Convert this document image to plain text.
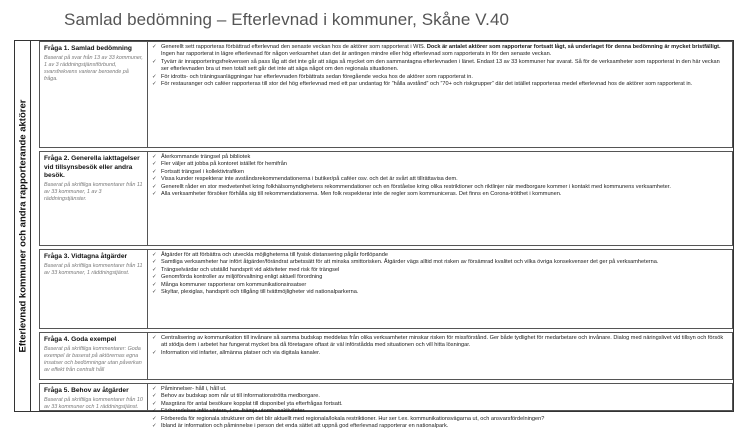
Samlad bedömning – Efterlevnad i kommuner, Skåne V.40
Efterlevnad kommuner och andra rapporterande aktörer
Fråga 1. Samlad bedömning
Baserat på svar från 13 av 33 kommuner, 1 av 3 räddningstjänstförbund, svarsfrekvens varierar beroende på fråga.
✓ Generellt sett rapporteras förbättrad efterlevnad den senaste veckan hos de aktörer som rapporterat i WIS. Dock är antalet aktörer som rapporterar fortsatt lågt, så underlaget för denna bedömning är mycket bristfälligt. Ingen har rapporterat in lägre efterlevnad för någon verksamhet utan det är antingen mindre eller hög efterlevnad som rapporterats in för den senaste veckan.
✓ Tyvärr är inrapporteringsfrekvensen så pass låg att det inte går att säga så mycket om den sammantagna efterlevnaden i länet. Endast 13 av 33 kommuner har svarat. Så för de verksamheter som rapporterat in den här veckan ser efterlevnaden bra ut men totalt sett går det inte att säga något om den regionala situationen.
✓ För idrotts- och träningsanläggningar har efterlevnaden förbättrats sedan föregående vecka hos de aktörer som rapporterat in.
✓ För restauranger och caféer rapporteras till stor del hög efterlevnad med ett par undantag för ”hålla avstånd” och ”70+ och riskgrupper” där det istället rapporteras medel efterlevnad hos de aktörer som rapporterat in.
Fråga 2. Generella iakttagelser vid tillsynsbesök eller andra besök.
Baserat på skriftliga kommentarer från 11 av 33 kommuner, 1 av 3 räddningstjänster.
✓ Återkommande trängsel på bibliotek
✓ Fler väljer att jobba på kontoret istället för hemifrån
✓ Fortsatt trängsel i kollektivtrafiken
✓ Vissa kunder respekterar inte avståndsrekommendationerna i butiker/på caféer osv. och det är svårt att tillrättavisa dem.
✓ Generellt råder en stor medvetenhet kring folkhälsomyndighetens rekommendationer och en förståelse kring olika restriktioner och riktlinjer när medborgare kommer i kontakt med kommunens verksamheter.
✓ Alla verksamheter försöker förhålla sig till rekommendationerna. Men folk respekterar inte de regler som kommuniceras. Det finns en Corona-trötthet i kommunen.
Fråga 3. Vidtagna åtgärder
Baserat på skriftliga kommentarer från 11 av 33 kommuner, 1 räddningstjänst.
✓ Åtgärder för att förbättra och utveckla möjligheterna till fysisk distansering pågår fortlöpande
✓ Samtliga verksamheter har infört åtgärder/förändrat arbetssätt för att minska smittorisken. Åtgärder vägs alltid mot risken av försämrad kvalitet och vilka övriga konsekvenser det ger på verksamheterna.
✓ Trängselvärdar och utställd handsprit vid aktiviteter med risk för trängsel
✓ Genomförda kontroller av miljöförvaltning enligt aktuell förordning
✓ Många kommuner rapporterar om kommunikationsinsatser
✓ Skyltar, plexiglas, handsprit och tillgång till tvättmöjligheter vid nationalparkerna.
Fråga 4. Goda exempel
Baserat på skriftliga kommentarer: Goda exempel är baserat på aktörernas egna insatser och bedömningar utan påverkan av effekt från centralt håll
✓ Centralisering av kommunikation till invånare så samma budskap meddelas från olika verksamheter minskar risken för missförstånd. Ger både tydlighet för medarbetare och invånare. Dialog med näringslivet vid tillsyn och försök att stödja dem i arbetet har fungerat mycket bra då företagare oftast är väl införstådda med situationen och vill hitta lösningar.
✓ Information vid infarter, allmänna platser och via digitala kanaler.
Fråga 5. Behov av åtgärder
Baserat på skriftliga kommentarer från 10 av 33 kommuner och 1 räddningstjänst.
✓ Påminnelser- håll i, håll ut.
✓ Behov av budskap som når ut till informationströtta medborgare.
✓ Maxgräns för antal besökare kopplat till disponibel yta efterfrågas fortsatt.
✓ Förberedelser inför vintern, t.ex. främja utomhusaktiviteter.
✓ Förbereda för regionala strukturer om det blir aktuellt med regionala/lokala restriktioner. Hur ser t.ex. kommunikationsvägarna ut, och ansvarsfördelningen?
✓ Ibland är information och påminnelse i person det enda sättet att uppnå god efterlevnad rapporterar en nationalpark.
